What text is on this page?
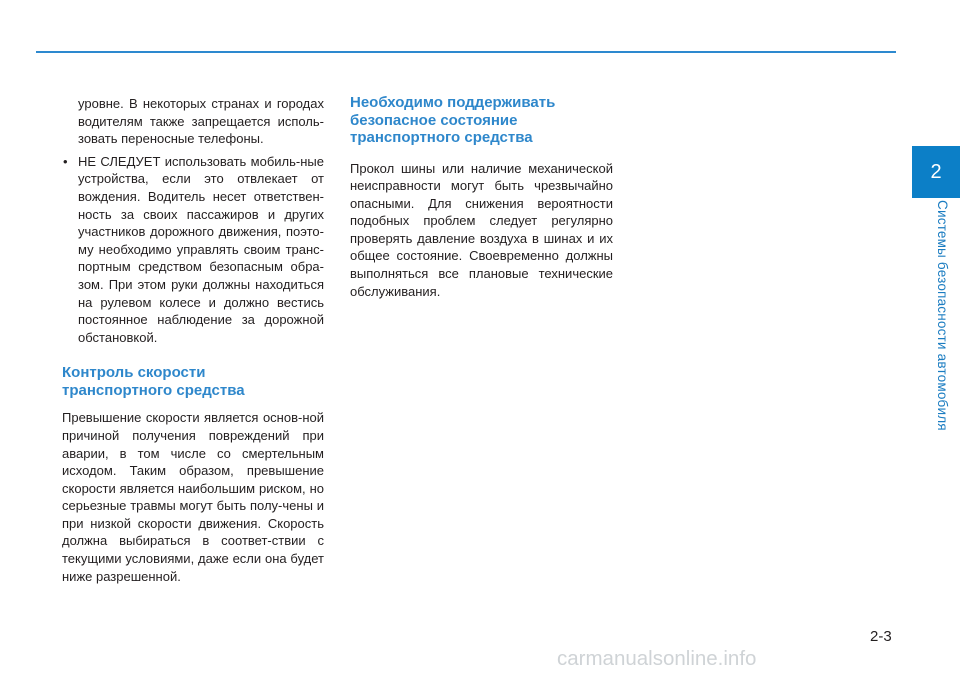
2
Системы безопасности автомобиля

уровне. В некоторых странах и городах водителям также запрещается исполь-зовать переносные телефоны.

• НЕ СЛЕДУЕТ использовать мобиль-ные устройства, если это отвлекает от вождения. Водитель несет ответствен-ность за своих пассажиров и других участников дорожного движения, поэто-му необходимо управлять своим транс-портным средством безопасным обра-зом. При этом руки должны находиться на рулевом колесе и должно вестись постоянное наблюдение за дорожной обстановкой.
Контроль скорости
транспортного средства

Превышение скорости является основ-ной причиной получения повреждений при аварии, в том числе со смертельным исходом. Таким образом, превышение скорости является наибольшим риском, но серьезные травмы могут быть полу-чены и при низкой скорости движения. Скорость должна выбираться в соответ-ствии с текущими условиями, даже если она будет ниже разрешенной.

Необходимо поддерживать
безопасное состояние
транспортного средства

Прокол шины или наличие механической неисправности могут быть чрезвычайно опасными. Для снижения вероятности подобных проблем следует регулярно проверять давление воздуха в шинах и их общее состояние. Своевременно должны выполняться все плановые технические обслуживания.

2-3
carmanualsonline.info
